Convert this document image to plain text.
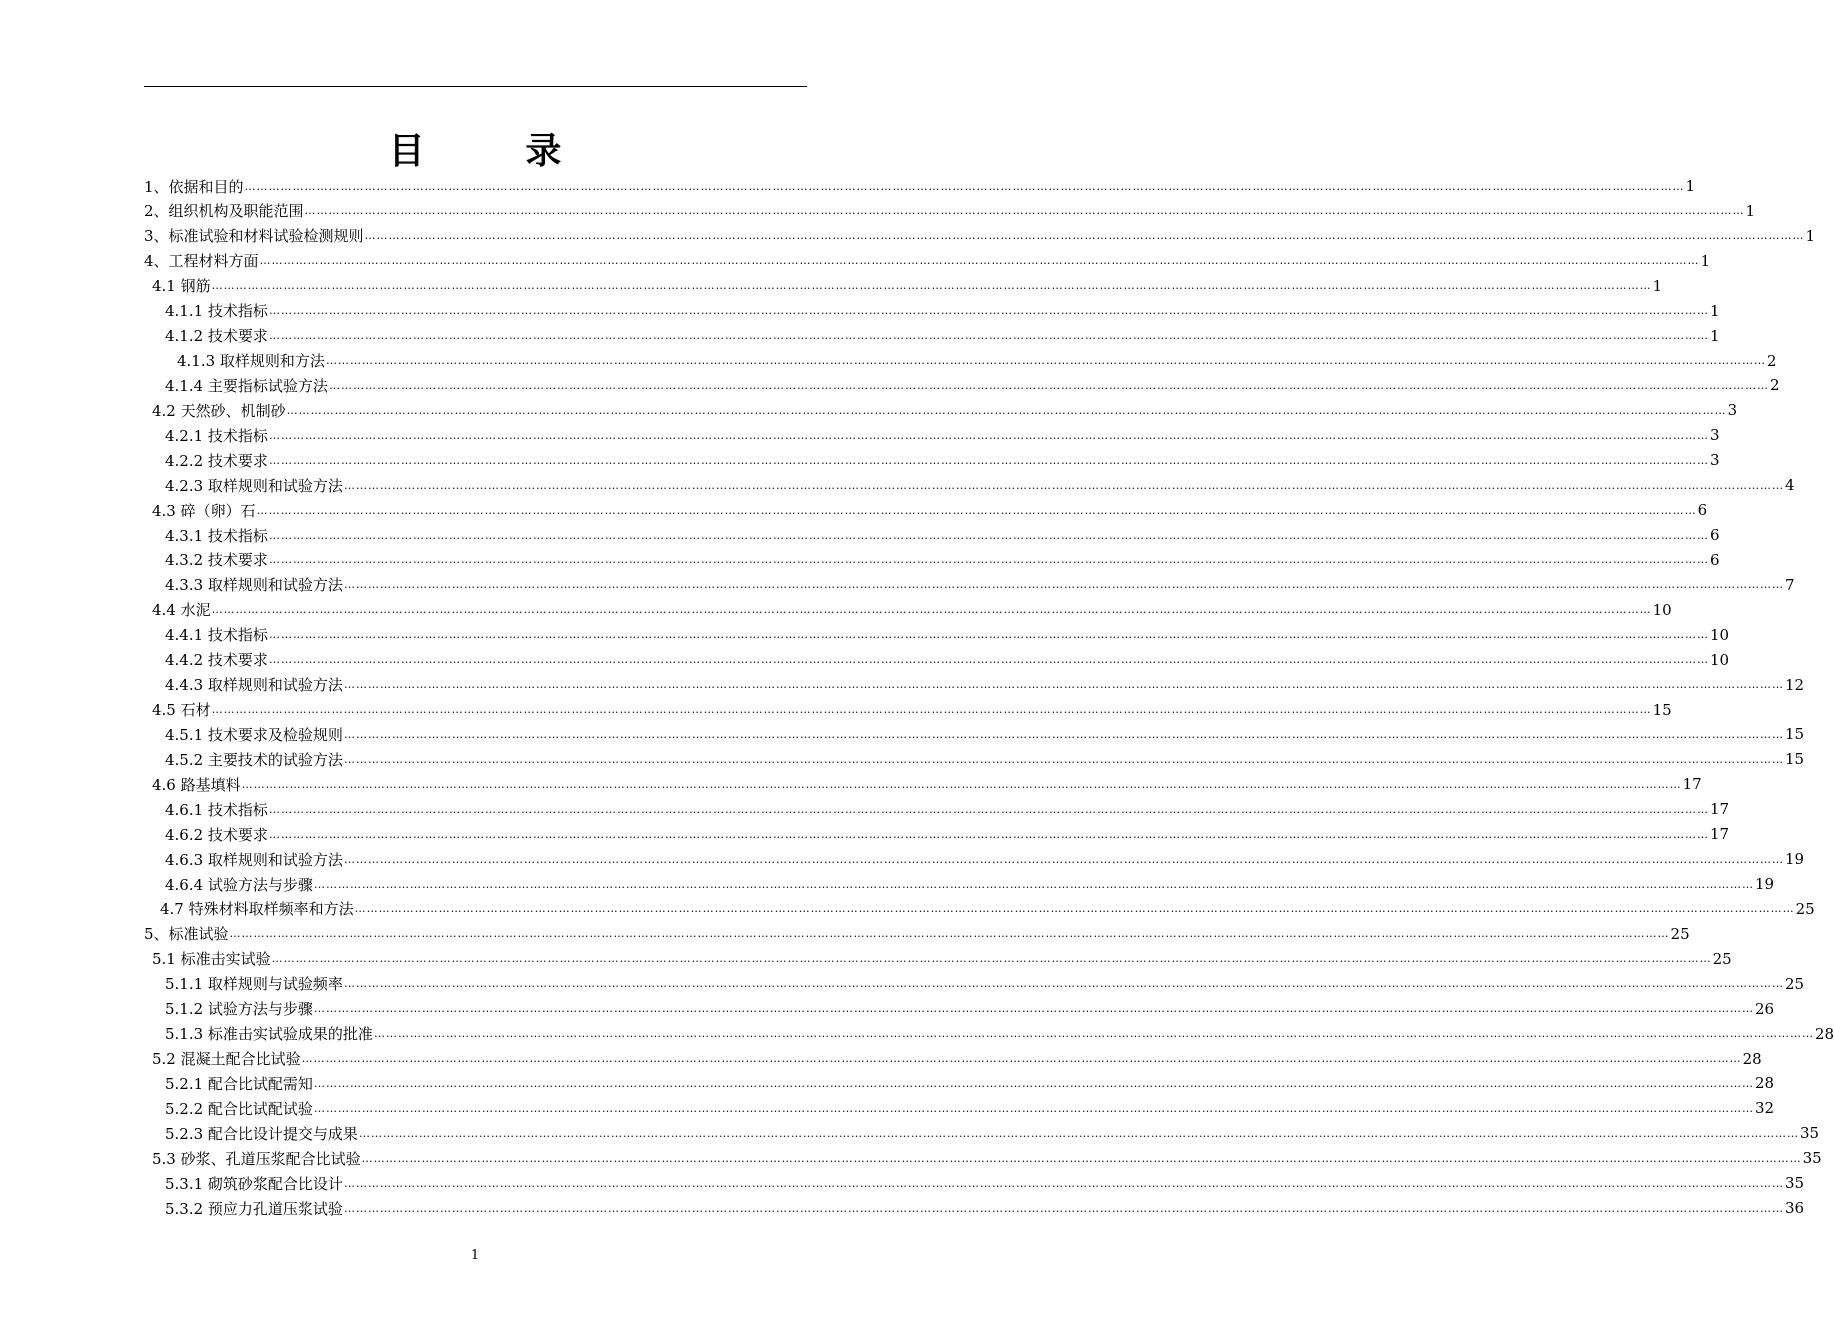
目　录
1、依据和目的 ……………………………………………………………………………………………………………………………………………………………………………………………………………………………………………………………………………………………………………………………… 1
2、组织机构及职能范围 ……………………………………………………………………………………………………………………………………………………………………………………………………………………………………………………………………………………………………………………………… 1
3、标准试验和材料试验检测规则 ……………………………………………………………………………………………………………………………………………………………………………………………………………………………………………………………………………………………………………………………… 1
4、工程材料方面 ……………………………………………………………………………………………………………………………………………………………………………………………………………………………………………………………………………………………………………………………… 1
4.1 钢筋 ……………………………………………………………………………………………………………………………………………………………………………………………………………………………………………………………………………………………………………………………… 1
4.1.1 技术指标 ……………………………………………………………………………………………………………………………………………………………………………………………………………………………………………………………………………………………………………………………… 1
4.1.2 技术要求 ……………………………………………………………………………………………………………………………………………………………………………………………………………………………………………………………………………………………………………………………… 1
4.1.3 取样规则和方法 ……………………………………………………………………………………………………………………………………………………………………………………………………………………………………………………………………………………………………………………………… 2
4.1.4 主要指标试验方法 ……………………………………………………………………………………………………………………………………………………………………………………………………………………………………………………………………………………………………………………………… 2
4.2 天然砂、机制砂 ……………………………………………………………………………………………………………………………………………………………………………………………………………………………………………………………………………………………………………………………… 3
4.2.1 技术指标 ……………………………………………………………………………………………………………………………………………………………………………………………………………………………………………………………………………………………………………………………… 3
4.2.2 技术要求 ……………………………………………………………………………………………………………………………………………………………………………………………………………………………………………………………………………………………………………………………… 3
4.2.3 取样规则和试验方法 ……………………………………………………………………………………………………………………………………………………………………………………………………………………………………………………………………………………………………………………………… 4
4.3 碎（卵）石 ……………………………………………………………………………………………………………………………………………………………………………………………………………………………………………………………………………………………………………………………… 6
4.3.1 技术指标 ……………………………………………………………………………………………………………………………………………………………………………………………………………………………………………………………………………………………………………………………… 6
4.3.2 技术要求 ……………………………………………………………………………………………………………………………………………………………………………………………………………………………………………………………………………………………………………………………… 6
4.3.3 取样规则和试验方法 ……………………………………………………………………………………………………………………………………………………………………………………………………………………………………………………………………………………………………………………………… 7
4.4 水泥 ……………………………………………………………………………………………………………………………………………………………………………………………………………………………………………………………………………………………………………………………… 10
4.4.1 技术指标 ……………………………………………………………………………………………………………………………………………………………………………………………………………………………………………………………………………………………………………………………… 10
4.4.2 技术要求 ……………………………………………………………………………………………………………………………………………………………………………………………………………………………………………………………………………………………………………………………… 10
4.4.3 取样规则和试验方法 ……………………………………………………………………………………………………………………………………………………………………………………………………………………………………………………………………………………………………………………………… 12
4.5 石材 ……………………………………………………………………………………………………………………………………………………………………………………………………………………………………………………………………………………………………………………………… 15
4.5.1 技术要求及检验规则 ……………………………………………………………………………………………………………………………………………………………………………………………………………………………………………………………………………………………………………………………… 15
4.5.2 主要技术的试验方法 ……………………………………………………………………………………………………………………………………………………………………………………………………………………………………………………………………………………………………………………………… 15
4.6 路基填料 ……………………………………………………………………………………………………………………………………………………………………………………………………………………………………………………………………………………………………………………………… 17
4.6.1 技术指标 ……………………………………………………………………………………………………………………………………………………………………………………………………………………………………………………………………………………………………………………………… 17
4.6.2 技术要求 ……………………………………………………………………………………………………………………………………………………………………………………………………………………………………………………………………………………………………………………………… 17
4.6.3 取样规则和试验方法 ……………………………………………………………………………………………………………………………………………………………………………………………………………………………………………………………………………………………………………………………… 19
4.6.4 试验方法与步骤 ……………………………………………………………………………………………………………………………………………………………………………………………………………………………………………………………………………………………………………………………… 19
4.7 特殊材料取样频率和方法 ……………………………………………………………………………………………………………………………………………………………………………………………………………………………………………………………………………………………………………………………… 25
5、标准试验 ……………………………………………………………………………………………………………………………………………………………………………………………………………………………………………………………………………………………………………………………… 25
5.1 标准击实试验 ……………………………………………………………………………………………………………………………………………………………………………………………………………………………………………………………………………………………………………………………… 25
5.1.1 取样规则与试验频率 ……………………………………………………………………………………………………………………………………………………………………………………………………………………………………………………………………………………………………………………………… 25
5.1.2 试验方法与步骤 ……………………………………………………………………………………………………………………………………………………………………………………………………………………………………………………………………………………………………………………………… 26
5.1.3 标准击实试验成果的批准 ……………………………………………………………………………………………………………………………………………………………………………………………………………………………………………………………………………………………………………………………… 28
5.2 混凝土配合比试验 ……………………………………………………………………………………………………………………………………………………………………………………………………………………………………………………………………………………………………………………………… 28
5.2.1 配合比试配需知 ……………………………………………………………………………………………………………………………………………………………………………………………………………………………………………………………………………………………………………………………… 28
5.2.2 配合比试配试验 ……………………………………………………………………………………………………………………………………………………………………………………………………………………………………………………………………………………………………………………………… 32
5.2.3 配合比设计提交与成果 ……………………………………………………………………………………………………………………………………………………………………………………………………………………………………………………………………………………………………………………………… 35
5.3 砂浆、孔道压浆配合比试验 ……………………………………………………………………………………………………………………………………………………………………………………………………………………………………………………………………………………………………………………………… 35
5.3.1 砌筑砂浆配合比设计 ……………………………………………………………………………………………………………………………………………………………………………………………………………………………………………………………………………………………………………………………… 35
5.3.2 预应力孔道压浆试验 ……………………………………………………………………………………………………………………………………………………………………………………………………………………………………………………………………………………………………………………………… 36
1
